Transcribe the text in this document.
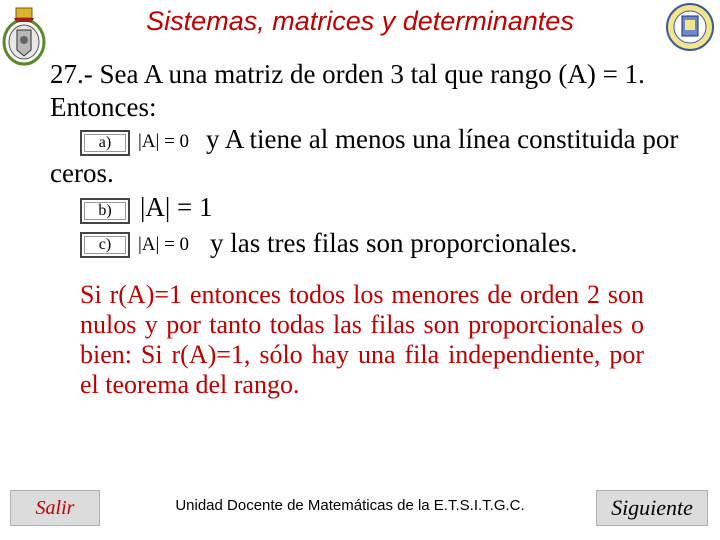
Sistemas, matrices y determinantes
27.- Sea A una matriz de orden 3 tal que rango (A) = 1.
Entonces:
a)	|A| = 0 y A tiene al menos una línea constituida por
ceros.
b)	|A| = 1
c)	|A| = 0 y las tres filas son proporcionales.
Si r(A)=1 entonces todos los menores de orden 2 son nulos y por tanto todas las filas son proporcionales o bien: Si r(A)=1, sólo hay una fila independiente, por el teorema del rango.
Salir	Unidad Docente de Matemáticas de la E.T.S.I.T.G.C.	Siguiente
